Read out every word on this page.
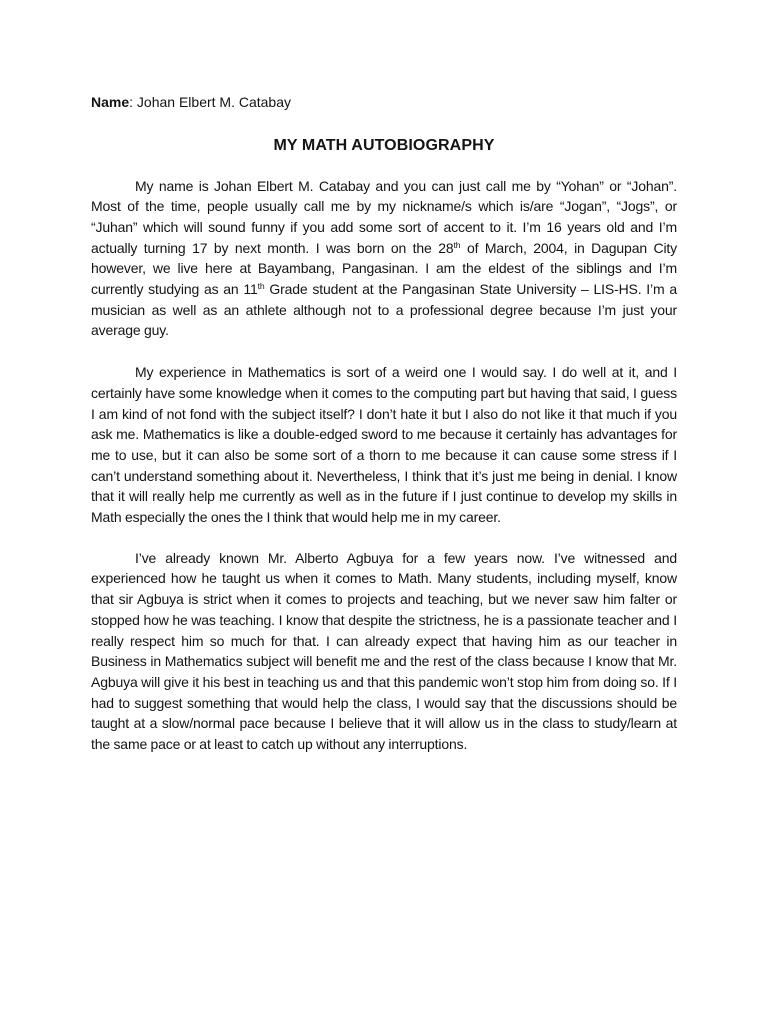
Name: Johan Elbert M. Catabay
MY MATH AUTOBIOGRAPHY

My name is Johan Elbert M. Catabay and you can just call me by “Yohan” or “Johan”. Most of the time, people usually call me by my nickname/s which is/are “Jogan”, “Jogs”, or “Juhan” which will sound funny if you add some sort of accent to it. I’m 16 years old and I’m actually turning 17 by next month. I was born on the 28th of March, 2004, in Dagupan City however, we live here at Bayambang, Pangasinan. I am the eldest of the siblings and I’m currently studying as an 11th Grade student at the Pangasinan State University – LIS-HS. I’m a musician as well as an athlete although not to a professional degree because I’m just your average guy.

My experience in Mathematics is sort of a weird one I would say. I do well at it, and I certainly have some knowledge when it comes to the computing part but having that said, I guess I am kind of not fond with the subject itself? I don’t hate it but I also do not like it that much if you ask me. Mathematics is like a double-edged sword to me because it certainly has advantages for me to use, but it can also be some sort of a thorn to me because it can cause some stress if I can’t understand something about it. Nevertheless, I think that it’s just me being in denial. I know that it will really help me currently as well as in the future if I just continue to develop my skills in Math especially the ones the I think that would help me in my career.

I’ve already known Mr. Alberto Agbuya for a few years now. I’ve witnessed and experienced how he taught us when it comes to Math. Many students, including myself, know that sir Agbuya is strict when it comes to projects and teaching, but we never saw him falter or stopped how he was teaching. I know that despite the strictness, he is a passionate teacher and I really respect him so much for that. I can already expect that having him as our teacher in Business in Mathematics subject will benefit me and the rest of the class because I know that Mr. Agbuya will give it his best in teaching us and that this pandemic won’t stop him from doing so. If I had to suggest something that would help the class, I would say that the discussions should be taught at a slow/normal pace because I believe that it will allow us in the class to study/learn at the same pace or at least to catch up without any interruptions.
